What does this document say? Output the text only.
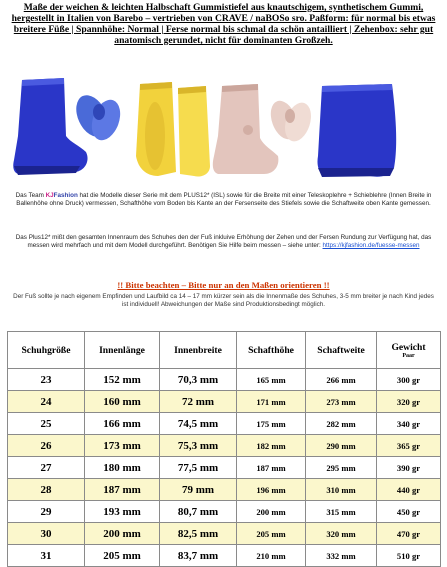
Maße der weichen & leichten Halbschaft Gummistiefel aus knautschigem, synthetischem Gummi, hergestellt in Italien von Barebo – vertrieben von CRAVE / naBOSo sro. Paßform: für normal bis etwas breitere Füße | Spannhöhe: Normal | Ferse normal bis schmal da schön antailliert | Zehenbox: sehr gut anatomisch gerundet, nicht für dominanten Großzeh.

Das Team KJFashion hat die Modelle dieser Serie mit dem PLUS12* (ISL) sowie für die Breite mit einer Teleskoplehre + Schieblehre (Innen Breite in Ballenhöhe ohne Druck) vermessen, Schafthöhe vom Boden bis Kante an der Fersenseite des Stiefels sowie die Schaftweite oben Kante gemessen.

Das Plus12* mißt den gesamten Innenraum des Schuhes den der Fuß inkluive Erhöhung der Zehen und der Fersen Rundung zur Verfügung hat, das messen wird mehrfach und mit dem Modell durchgeführt. Benötigen Sie Hilfe beim messen – siehe unter: https://kjfashion.de/fuesse-messen

!! Bitte beachten – Bitte nur an den Maßen orientieren !!

Der Fuß sollte je nach eigenem Empfinden und Laufbild ca 14 – 17 mm kürzer sein als die Innenmaße des Schuhes, 3-5 mm breiter je nach Kind jedes ist individuell! Abweichungen der Maße sind Produktionsbedingt möglich.

Schuhgröße	Innenlänge	Innenbreite	Schafthöhe	Schaftweite	Gewicht
Paar

23	152 mm	70,3 mm	165 mm	266 mm	300 gr
24	160 mm	72 mm	171 mm	273 mm	320 gr
25	166 mm	74,5 mm	175 mm	282 mm	340 gr
26	173 mm	75,3 mm	182 mm	290 mm	365 gr
27	180 mm	77,5 mm	187 mm	295 mm	390 gr
28	187 mm	79 mm	196 mm	310 mm	440 gr
29	193 mm	80,7 mm	200 mm	315 mm	450 gr
30	200 mm	82,5 mm	205 mm	320 mm	470 gr
31	205 mm	83,7 mm	210 mm	332 mm	510 gr
